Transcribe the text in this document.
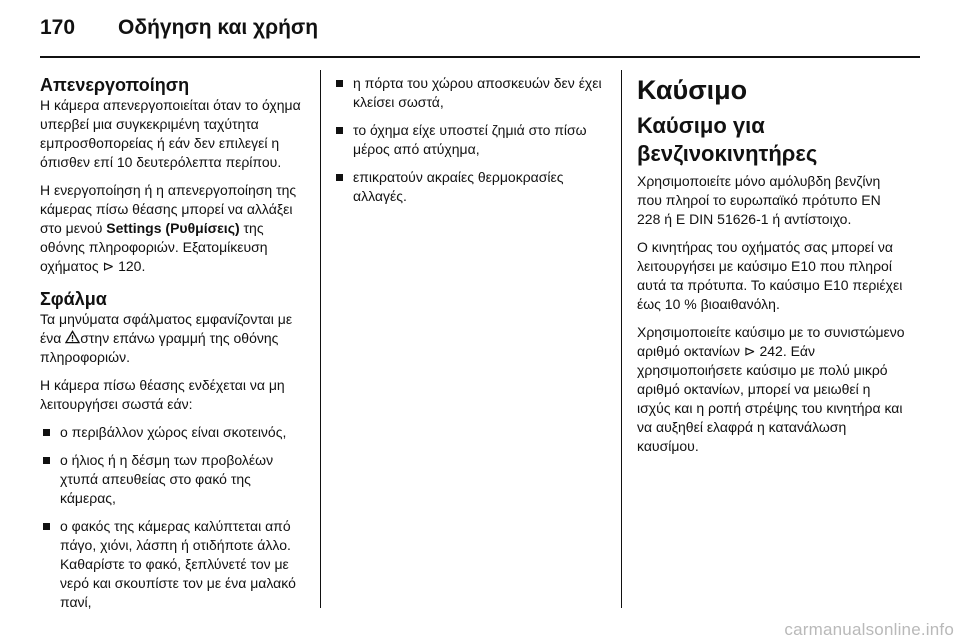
170 Οδήγηση και χρήση
Απενεργοποίηση

Η κάμερα απενεργοποιείται όταν το όχημα υπερβεί μια συγκεκριμένη ταχύτητα εμπροσθοπορείας ή εάν δεν επιλεγεί η όπισθεν επί 10 δευτερόλεπτα περίπου.

Η ενεργοποίηση ή η απενεργοποίηση της κάμερας πίσω θέασης μπορεί να αλλάξει στο μενού Settings (Ρυθμίσεις) της οθόνης πληροφοριών. Εξατομίκευση οχήματος ⊳ 120.

Σφάλμα

Τα μηνύματα σφάλματος εμφανίζονται με ένα στην επάνω γραμμή της οθόνης πληροφοριών.

Η κάμερα πίσω θέασης ενδέχεται να μη λειτουργήσει σωστά εάν:

ο περιβάλλον χώρος είναι σκοτεινός,
ο ήλιος ή η δέσμη των προβολέων χτυπά απευθείας στο φακό της κάμερας,
ο φακός της κάμερας καλύπτεται από πάγο, χιόνι, λάσπη ή οτιδήποτε άλλο. Καθαρίστε το φακό, ξεπλύνετέ τον με νερό και σκουπίστε τον με ένα μαλακό πανί,
η πόρτα του χώρου αποσκευών δεν έχει κλείσει σωστά,
το όχημα είχε υποστεί ζημιά στο πίσω μέρος από ατύχημα,
επικρατούν ακραίες θερμοκρασίες αλλαγές.
Καύσιμο
Καύσιμο για βενζινοκινητήρες

Χρησιμοποιείτε μόνο αμόλυβδη βενζίνη που πληροί το ευρωπαϊκό πρότυπο EN 228 ή E DIN 51626-1 ή αντίστοιχο.

Ο κινητήρας του οχήματός σας μπορεί να λειτουργήσει με καύσιμο E10 που πληροί αυτά τα πρότυπα. Το καύσιμο E10 περιέχει έως 10 % βιοαιθανόλη.

Χρησιμοποιείτε καύσιμο με το συνιστώμενο αριθμό οκτανίων ⊳ 242. Εάν χρησιμοποιήσετε καύσιμο με πολύ μικρό αριθμό οκτανίων, μπορεί να μειωθεί η ισχύς και η ροπή στρέψης του κινητήρα και να αυξηθεί ελαφρά η κατανάλωση καυσίμου.

carmanualsonline.info
